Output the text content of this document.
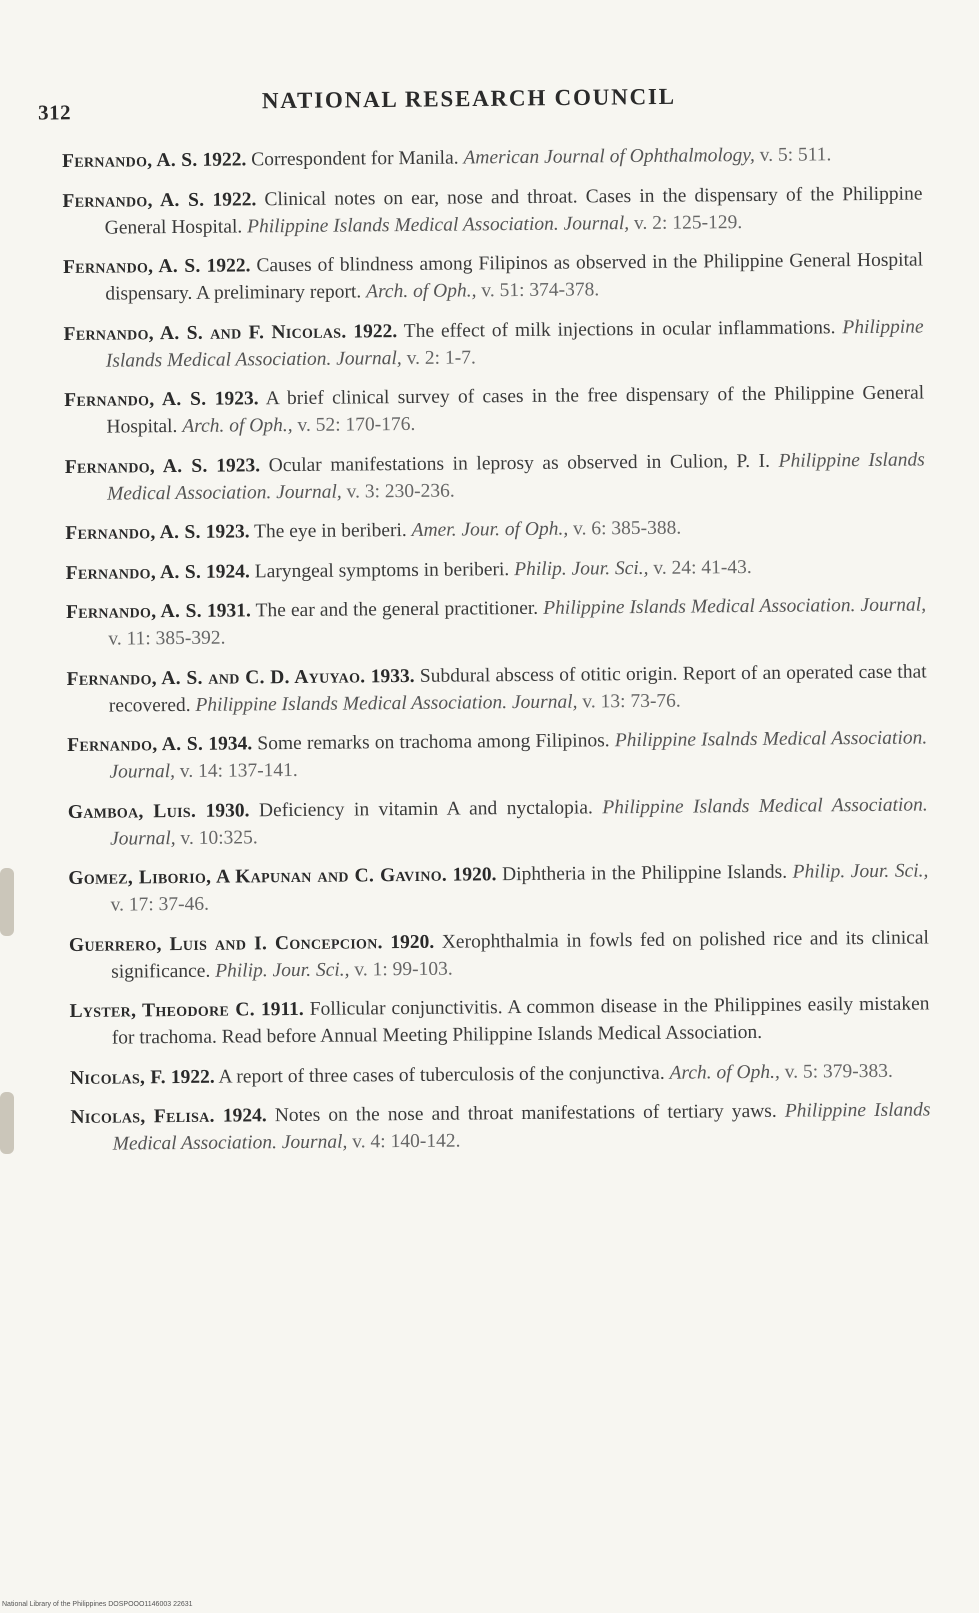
312	NATIONAL RESEARCH COUNCIL

Fernando, A. S. 1922. Correspondent for Manila. American Journal of Ophthalmology, v. 5: 511.

Fernando, A. S. 1922. Clinical notes on ear, nose and throat. Cases in the dispensary of the Philippine General Hospital. Philippine Islands Medical Association. Journal, v. 2: 125-129.

Fernando, A. S. 1922. Causes of blindness among Filipinos as observed in the Philippine General Hospital dispensary. A preliminary report. Arch. of Oph., v. 51: 374-378.

Fernando, A. S. and F. Nicolas. 1922. The effect of milk injections in ocular inflammations. Philippine Islands Medical Association. Journal, v. 2: 1-7.

Fernando, A. S. 1923. A brief clinical survey of cases in the free dispensary of the Philippine General Hospital. Arch. of Oph., v. 52: 170-176.

Fernando, A. S. 1923. Ocular manifestations in leprosy as observed in Culion, P. I. Philippine Islands Medical Association. Journal, v. 3: 230-236.

Fernando, A. S. 1923. The eye in beriberi. Amer. Jour. of Oph., v. 6: 385-388.

Fernando, A. S. 1924. Laryngeal symptoms in beriberi. Philip. Jour. Sci., v. 24: 41-43.

Fernando, A. S. 1931. The ear and the general practitioner. Philippine Islands Medical Association. Journal, v. 11: 385-392.

Fernando, A. S. and C. D. Ayuyao. 1933. Subdural abscess of otitic origin. Report of an operated case that recovered. Philippine Islands Medical Association. Journal, v. 13: 73-76.

Fernando, A. S. 1934. Some remarks on trachoma among Filipinos. Philippine Isalnds Medical Association. Journal, v. 14: 137-141.

Gamboa, Luis. 1930. Deficiency in vitamin A and nyctalopia. Philippine Islands Medical Association. Journal, v. 10:325.

Gomez, Liborio, A Kapunan and C. Gavino. 1920. Diphtheria in the Philippine Islands. Philip. Jour. Sci., v. 17: 37-46.

Guerrero, Luis and I. Concepcion. 1920. Xerophthalmia in fowls fed on polished rice and its clinical significance. Philip. Jour. Sci., v. 1: 99-103.

Lyster, Theodore C. 1911. Follicular conjunctivitis. A common disease in the Philippines easily mistaken for trachoma. Read before Annual Meeting Philippine Islands Medical Association.

Nicolas, F. 1922. A report of three cases of tuberculosis of the conjunctiva. Arch. of Oph., v. 5: 379-383.

Nicolas, Felisa. 1924. Notes on the nose and throat manifestations of tertiary yaws. Philippine Islands Medical Association. Journal, v. 4: 140-142.

National Library of the Philippines DOSPOOO1146003 22631
